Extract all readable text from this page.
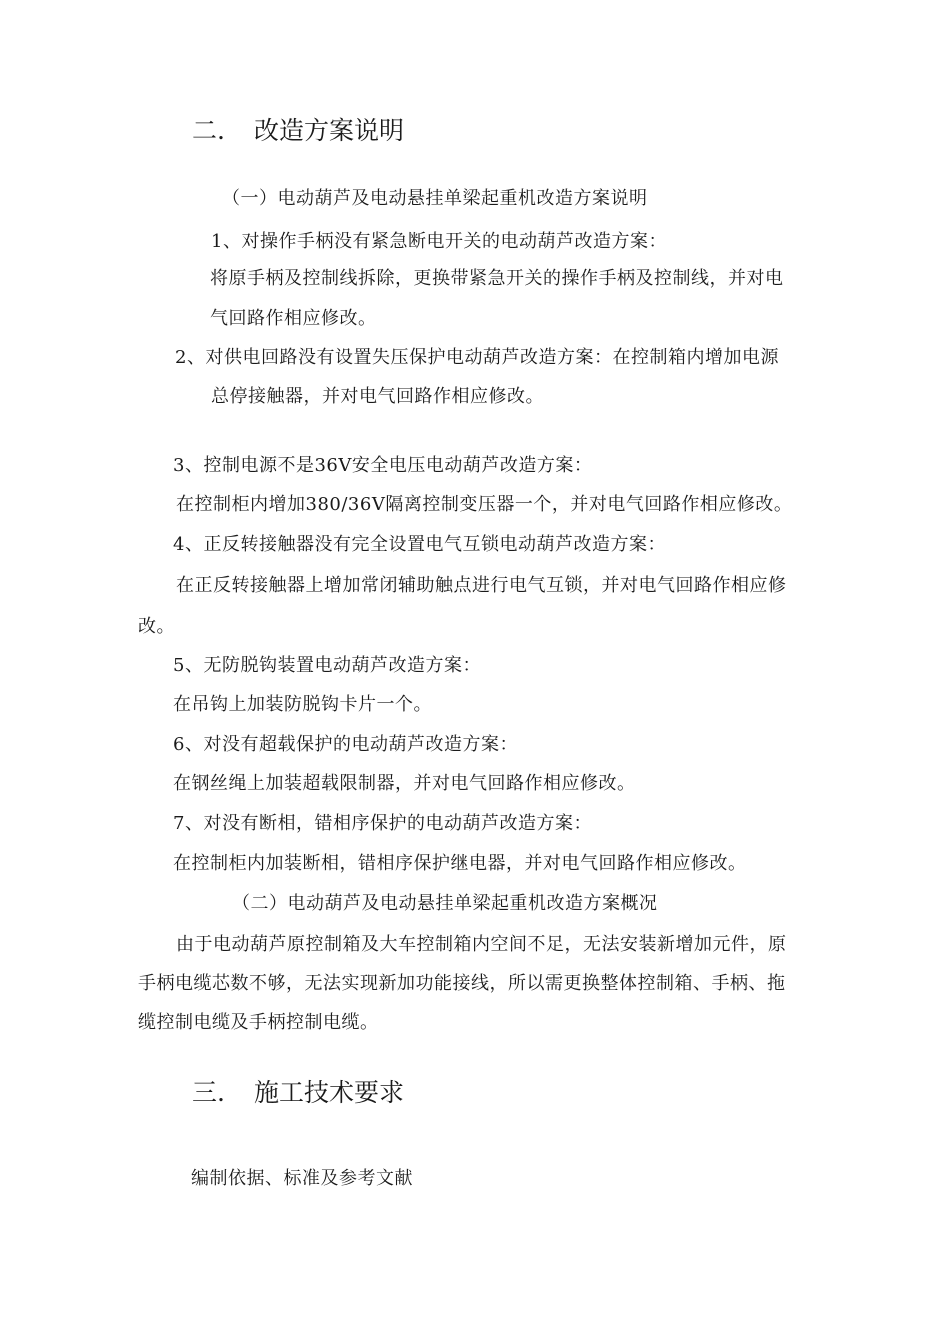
二. 改造方案说明
（一）电动葫芦及电动悬挂单梁起重机改造方案说明
1、对操作手柄没有紧急断电开关的电动葫芦改造方案：
将原手柄及控制线拆除，更换带紧急开关的操作手柄及控制线，并对电
气回路作相应修改。
2、对供电回路没有设置失压保护电动葫芦改造方案：在控制箱内增加电源
总停接触器，并对电气回路作相应修改。
3、控制电源不是36V安全电压电动葫芦改造方案：
在控制柜内增加380/36V隔离控制变压器一个，并对电气回路作相应修改。
4、正反转接触器没有完全设置电气互锁电动葫芦改造方案：
在正反转接触器上增加常闭辅助触点进行电气互锁，并对电气回路作相应修
改。
5、无防脱钩装置电动葫芦改造方案：
在吊钩上加装防脱钩卡片一个。
6、对没有超载保护的电动葫芦改造方案：
在钢丝绳上加装超载限制器，并对电气回路作相应修改。
7、对没有断相，错相序保护的电动葫芦改造方案：
在控制柜内加装断相，错相序保护继电器，并对电气回路作相应修改。
（二）电动葫芦及电动悬挂单梁起重机改造方案概况
由于电动葫芦原控制箱及大车控制箱内空间不足，无法安装新增加元件，原
手柄电缆芯数不够，无法实现新加功能接线，所以需更换整体控制箱、手柄、拖
缆控制电缆及手柄控制电缆。
三. 施工技术要求
编制依据、标准及参考文献
